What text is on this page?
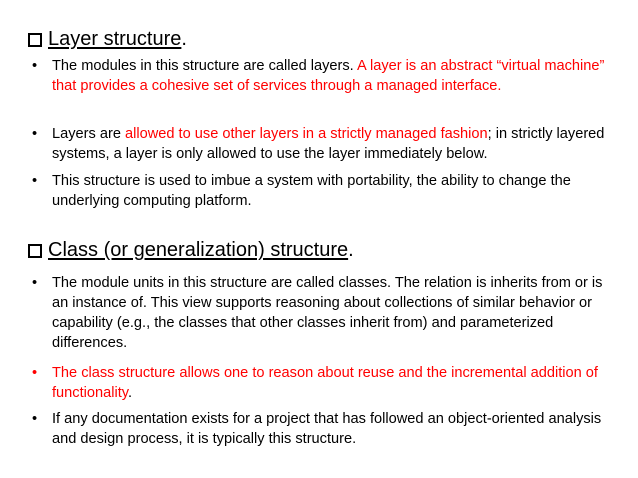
Layer structure .
•	The modules in this structure are called layers. A layer is an abstract “virtual machine” that provides a cohesive set of services through a managed interface.
•	Layers are allowed to use other layers in a strictly managed fashion; in strictly layered systems, a layer is only allowed to use the layer immediately below.
•	This structure is used to imbue a system with portability, the ability to change the underlying computing platform.
Class (or generalization) structure .
•	The module units in this structure are called classes. The relation is inherits from or is an instance of. This view supports reasoning about collections of similar behavior or capability (e.g., the classes that other classes inherit from) and parameterized differences.
•	The class structure allows one to reason about reuse and the incremental addition of functionality.
•	If any documentation exists for a project that has followed an object-oriented analysis and design process, it is typically this structure.
